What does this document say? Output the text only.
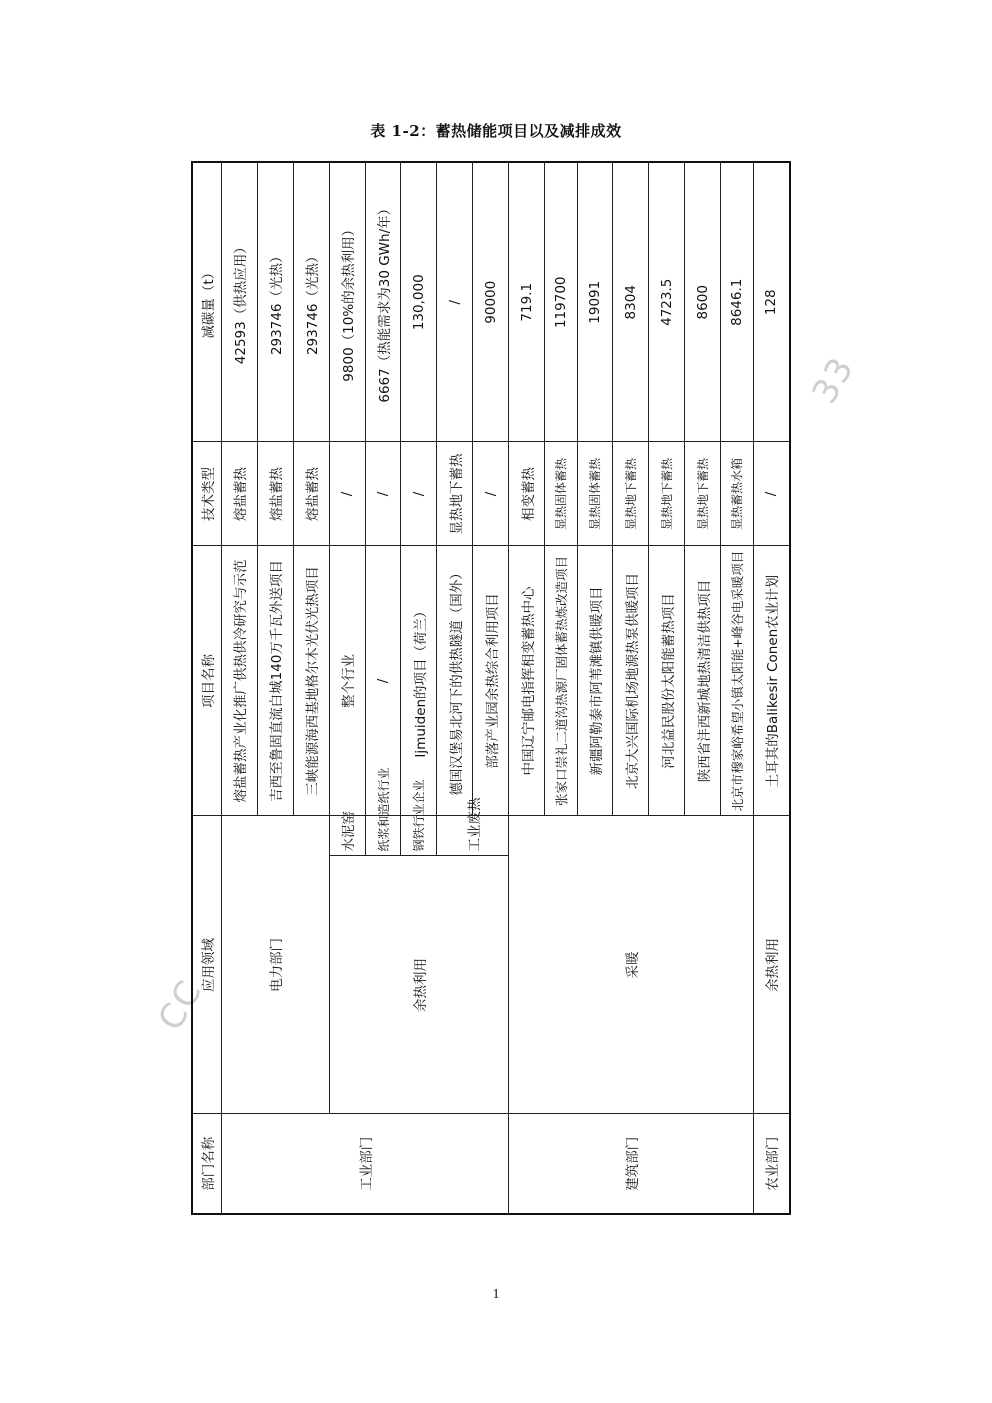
表 1-2：蓄热储能项目以及减排成效
CC
33
部门名称	应用领域		项目名称	技术类型	减碳量（t）
工业部门	电力部门		熔盐蓄热产业化推广供热供冷研究与示范	熔盐蓄热	42593（供热应用）
			吉西至鲁固直流白城140万千瓦外送项目	熔盐蓄热	293746（光热）
			三峡能源海西基地格尔木光伏光热项目	熔盐蓄热	293746（光热）
	余热利用	水泥窑	整个行业	/	9800（10%的余热利用）
		纸浆和造纸行业	/	/	6667（热能需求为30 GWh/年）
		钢铁行业企业	Ijmuiden的项目（荷兰）	/	130,000
		工业废热	德国汉堡易北河下的供热隧道（国外）	显热地下蓄热	/
			部落产业园余热综合利用项目	/	90000
建筑部门	采暖		中国辽宁邮电指挥相变蓄热中心	相变蓄热	719.1
			张家口崇礼二道沟热源厂固体蓄热炼改造项目	显热固体蓄热	119700
			新疆阿勒泰市阿苇滩镇供暖项目	显热固体蓄热	19091
			北京大兴国际机场地源热泵供暖项目	显热地下蓄热	8304
			河北益民股份太阳能蓄热项目	显热地下蓄热	4723.5
			陕西省沣西新城地热清洁供热项目	显热地下蓄热	8600
			北京市穆家峪希望小镇太阳能+峰谷电采暖项目	显热蓄热水箱	8646.1
农业部门	余热利用		土耳其的Balikesir Conen农业计划	/	128
1
